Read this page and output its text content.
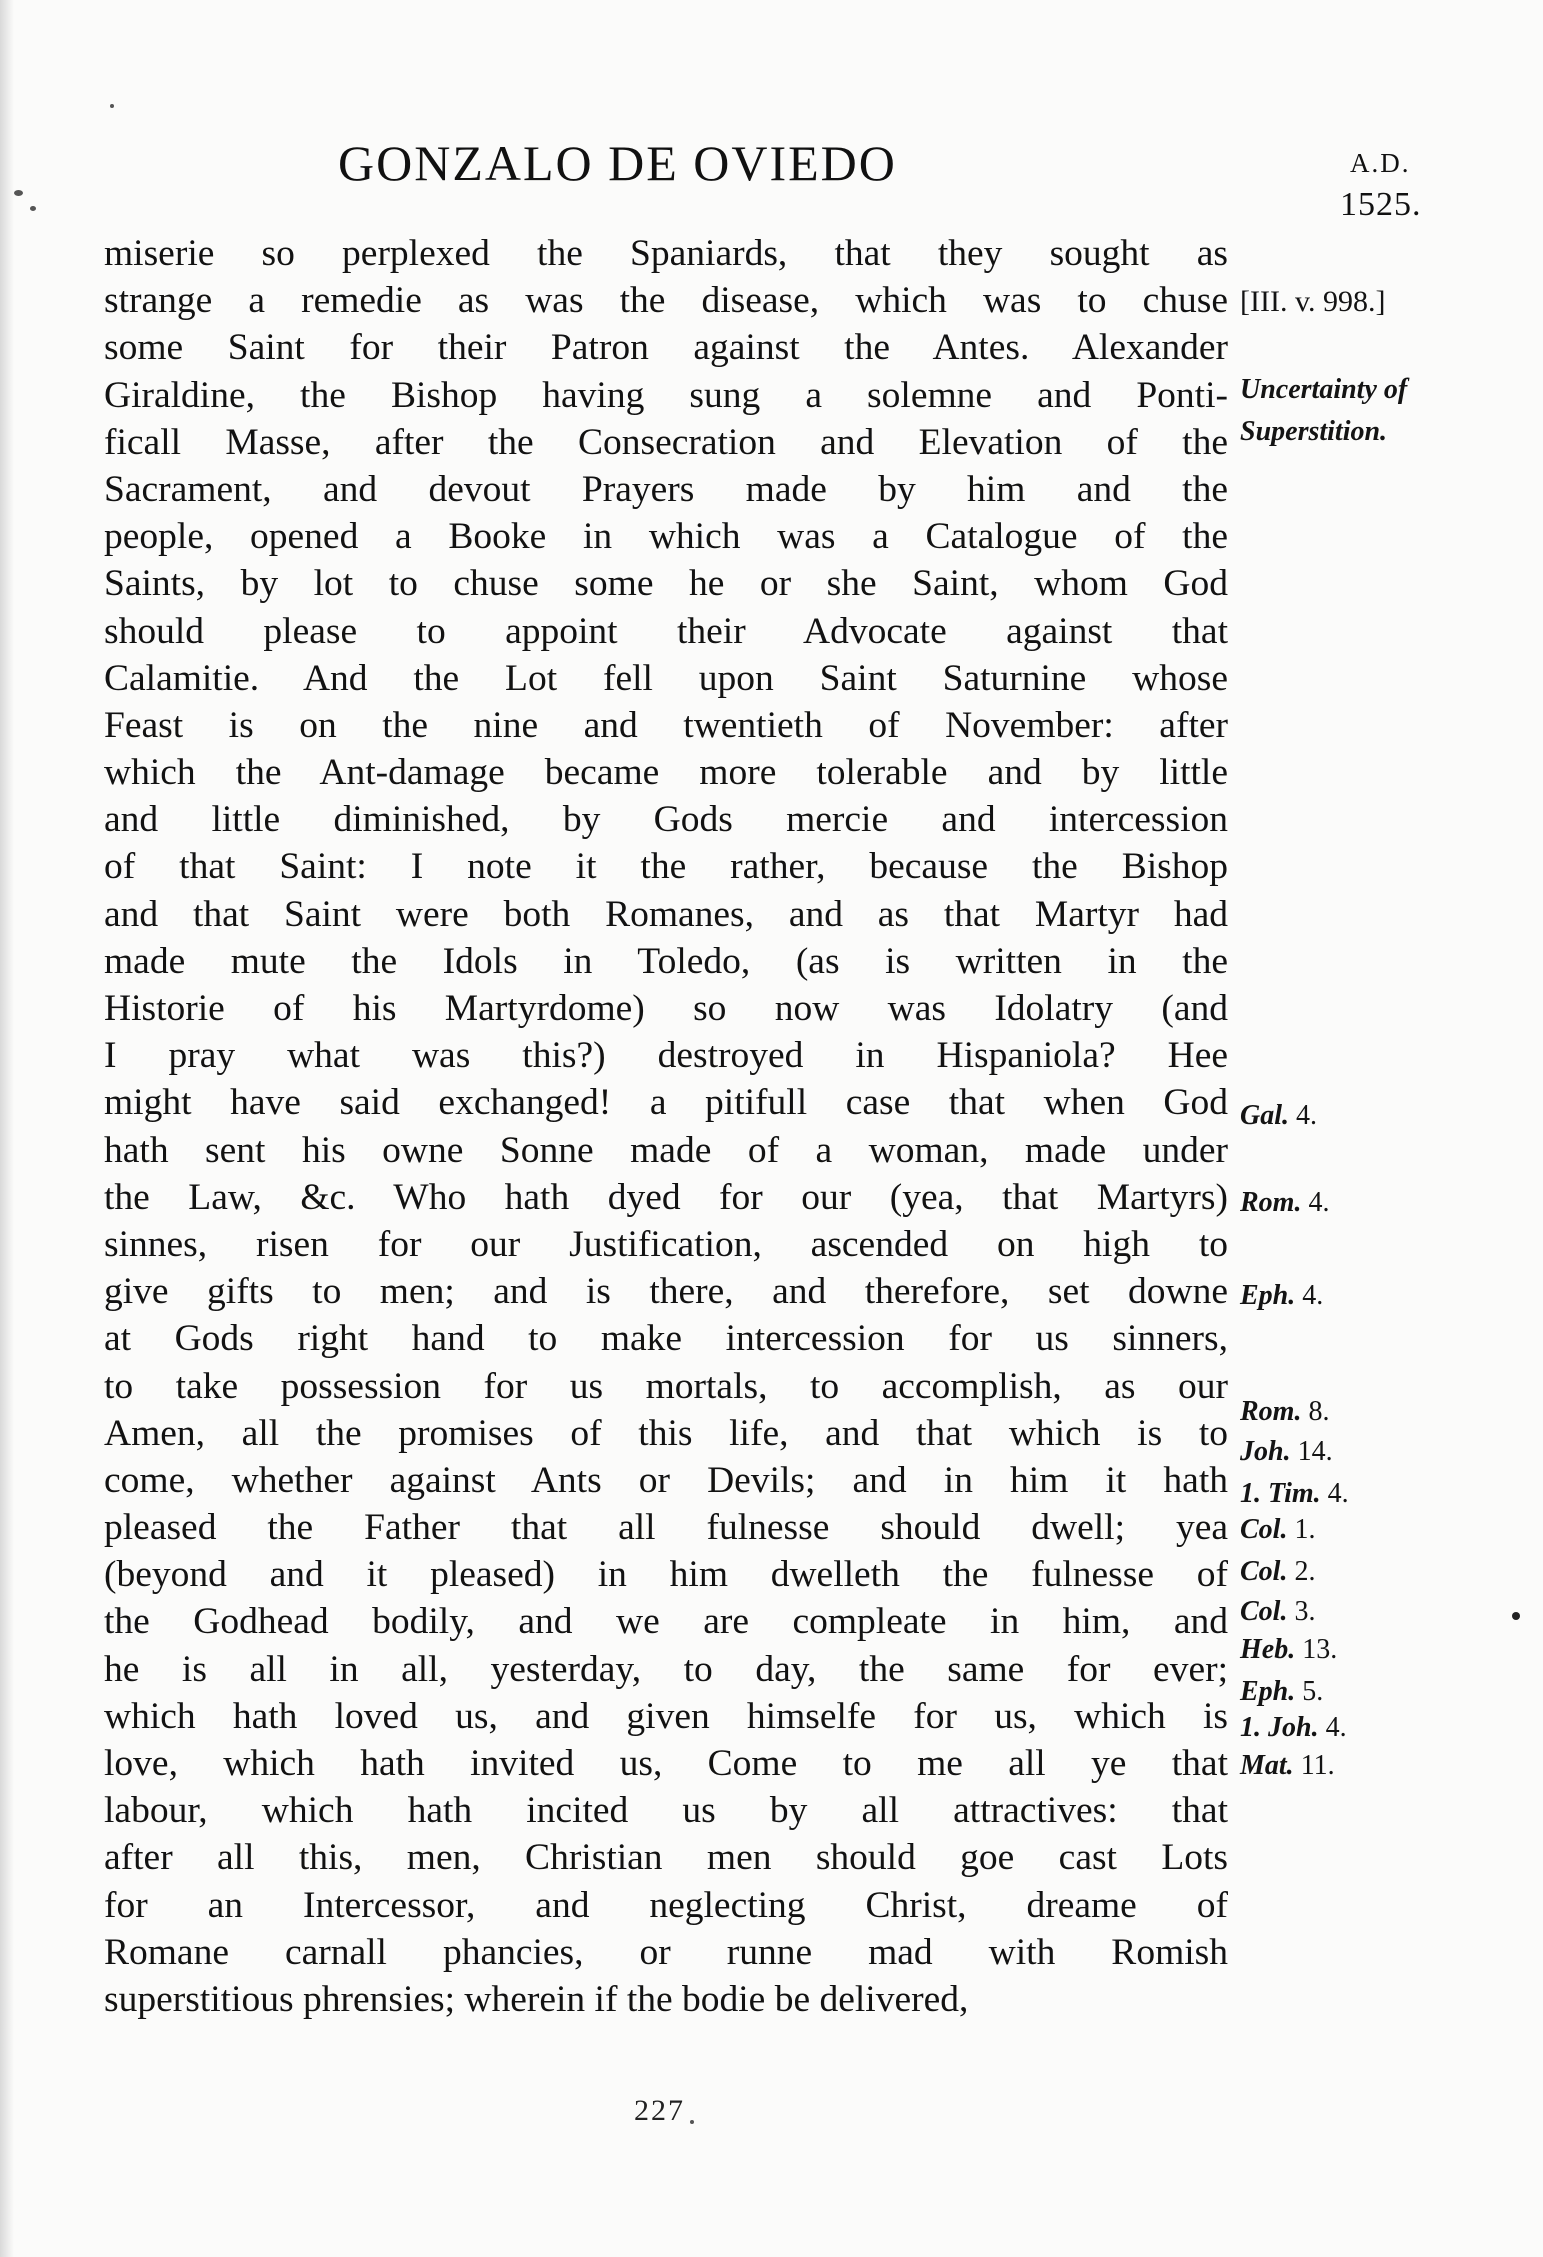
GONZALO DE OVIEDO	A.D.
1525.
miserie so perplexed the Spaniards, that they sought as
strange a remedie as was the disease, which was to chuse
some Saint for their Patron against the Antes. Alexander
Giraldine, the Bishop having sung a solemne and Ponti-
ficall Masse, after the Consecration and Elevation of the
Sacrament, and devout Prayers made by him and the
people, opened a Booke in which was a Catalogue of the
Saints, by lot to chuse some he or she Saint, whom God
should please to appoint their Advocate against that
Calamitie. And the Lot fell upon Saint Saturnine whose
Feast is on the nine and twentieth of November: after
which the Ant-damage became more tolerable and by little
and little diminished, by Gods mercie and intercession
of that Saint: I note it the rather, because the Bishop
and that Saint were both Romanes, and as that Martyr had
made mute the Idols in Toledo, (as is written in the
Historie of his Martyrdome) so now was Idolatry (and
I pray what was this?) destroyed in Hispaniola? Hee
might have said exchanged! a pitifull case that when God
hath sent his owne Sonne made of a woman, made under
the Law, &c. Who hath dyed for our (yea, that Martyrs)
sinnes, risen for our Justification, ascended on high to
give gifts to men; and is there, and therefore, set downe
at Gods right hand to make intercession for us sinners,
to take possession for us mortals, to accomplish, as our
Amen, all the promises of this life, and that which is to
come, whether against Ants or Devils; and in him it hath
pleased the Father that all fulnesse should dwell; yea
(beyond and it pleased) in him dwelleth the fulnesse of
the Godhead bodily, and we are compleate in him, and
he is all in all, yesterday, to day, the same for ever;
which hath loved us, and given himselfe for us, which is
love, which hath invited us, Come to me all ye that
labour, which hath incited us by all attractives: that
after all this, men, Christian men should goe cast Lots
for an Intercessor, and neglecting Christ, dreame of
Romane carnall phancies, or runne mad with Romish
superstitious phrensies; wherein if the bodie be delivered,
[III. v. 998.]
Uncertainty of
Superstition.
Gal. 4.
Rom. 4.
Eph. 4.
Rom. 8.
Joh. 14.
1. Tim. 4.
Col. 1.
Col. 2.
Col. 3.
Heb. 13.
Eph. 5.
1. Joh. 4.
Mat. 11.
227
